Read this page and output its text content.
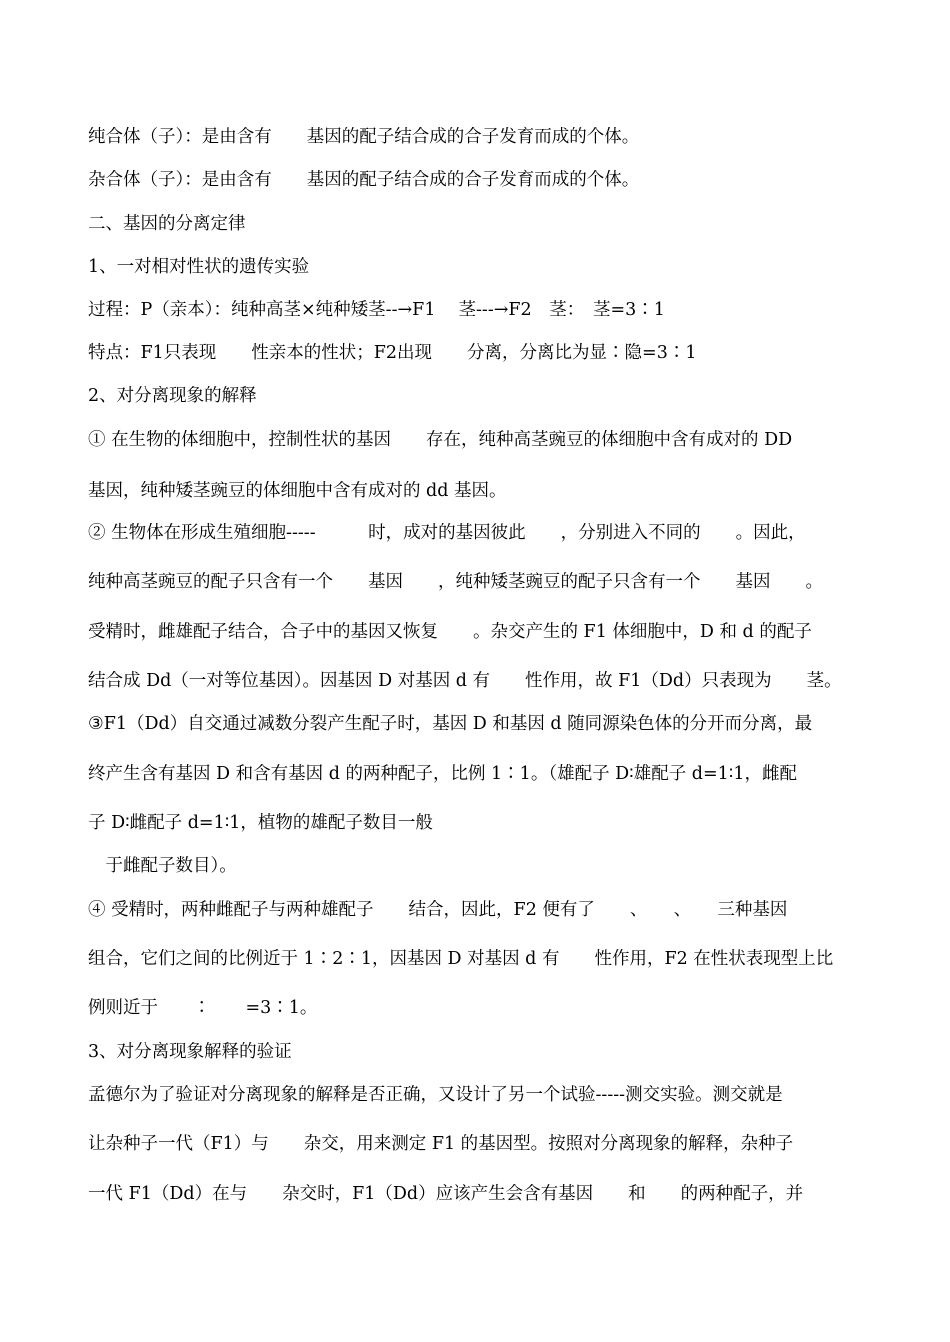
纯合体（子）：是由含有　　基因的配子结合成的合子发育而成的个体。
杂合体（子）：是由含有　　基因的配子结合成的合子发育而成的个体。
二、基因的分离定律
1、一对相对性状的遗传实验
过程：P（亲本）：纯种高茎×纯种矮茎--→F1　 茎---→F2　茎：　茎=3∶1
特点：F1只表现　　性亲本的性状；F2出现　　分离，分离比为显∶隐=3∶1
2、对分离现象的解释
① 在生物的体细胞中，控制性状的基因　　存在，纯种高茎豌豆的体细胞中含有成对的 DD
基因，纯种矮茎豌豆的体细胞中含有成对的 dd 基因。
② 生物体在形成生殖细胞-----　　　时，成对的基因彼此　　，分别进入不同的　　。因此，
纯种高茎豌豆的配子只含有一个　　基因　　，纯种矮茎豌豆的配子只含有一个　　基因　　。
受精时，雌雄配子结合，合子中的基因又恢复　　。杂交产生的 F1 体细胞中，D 和 d 的配子
结合成 Dd（一对等位基因）。因基因 D 对基因 d 有　　性作用，故 F1（Dd）只表现为　　茎。
③F1（Dd）自交通过减数分裂产生配子时，基因 D 和基因 d 随同源染色体的分开而分离，最
终产生含有基因 D 和含有基因 d 的两种配子，比例 1∶1。（雄配子 D∶雄配子 d=1∶1，雌配
子 D∶雌配子 d=1∶1，植物的雄配子数目一般
　于雌配子数目）。
④ 受精时，两种雌配子与两种雄配子　　结合，因此，F2 便有了　　、　　、　　三种基因
组合，它们之间的比例近于 1∶2∶1，因基因 D 对基因 d 有　　性作用，F2 在性状表现型上比
例则近于　　∶　　=3∶1。
3、对分离现象解释的验证
孟德尔为了验证对分离现象的解释是否正确，又设计了另一个试验-----测交实验。测交就是
让杂种子一代（F1）与　　杂交，用来测定 F1 的基因型。按照对分离现象的解释，杂种子
一代 F1（Dd）在与　　杂交时，F1（Dd）应该产生会含有基因　　和　　的两种配子，并
